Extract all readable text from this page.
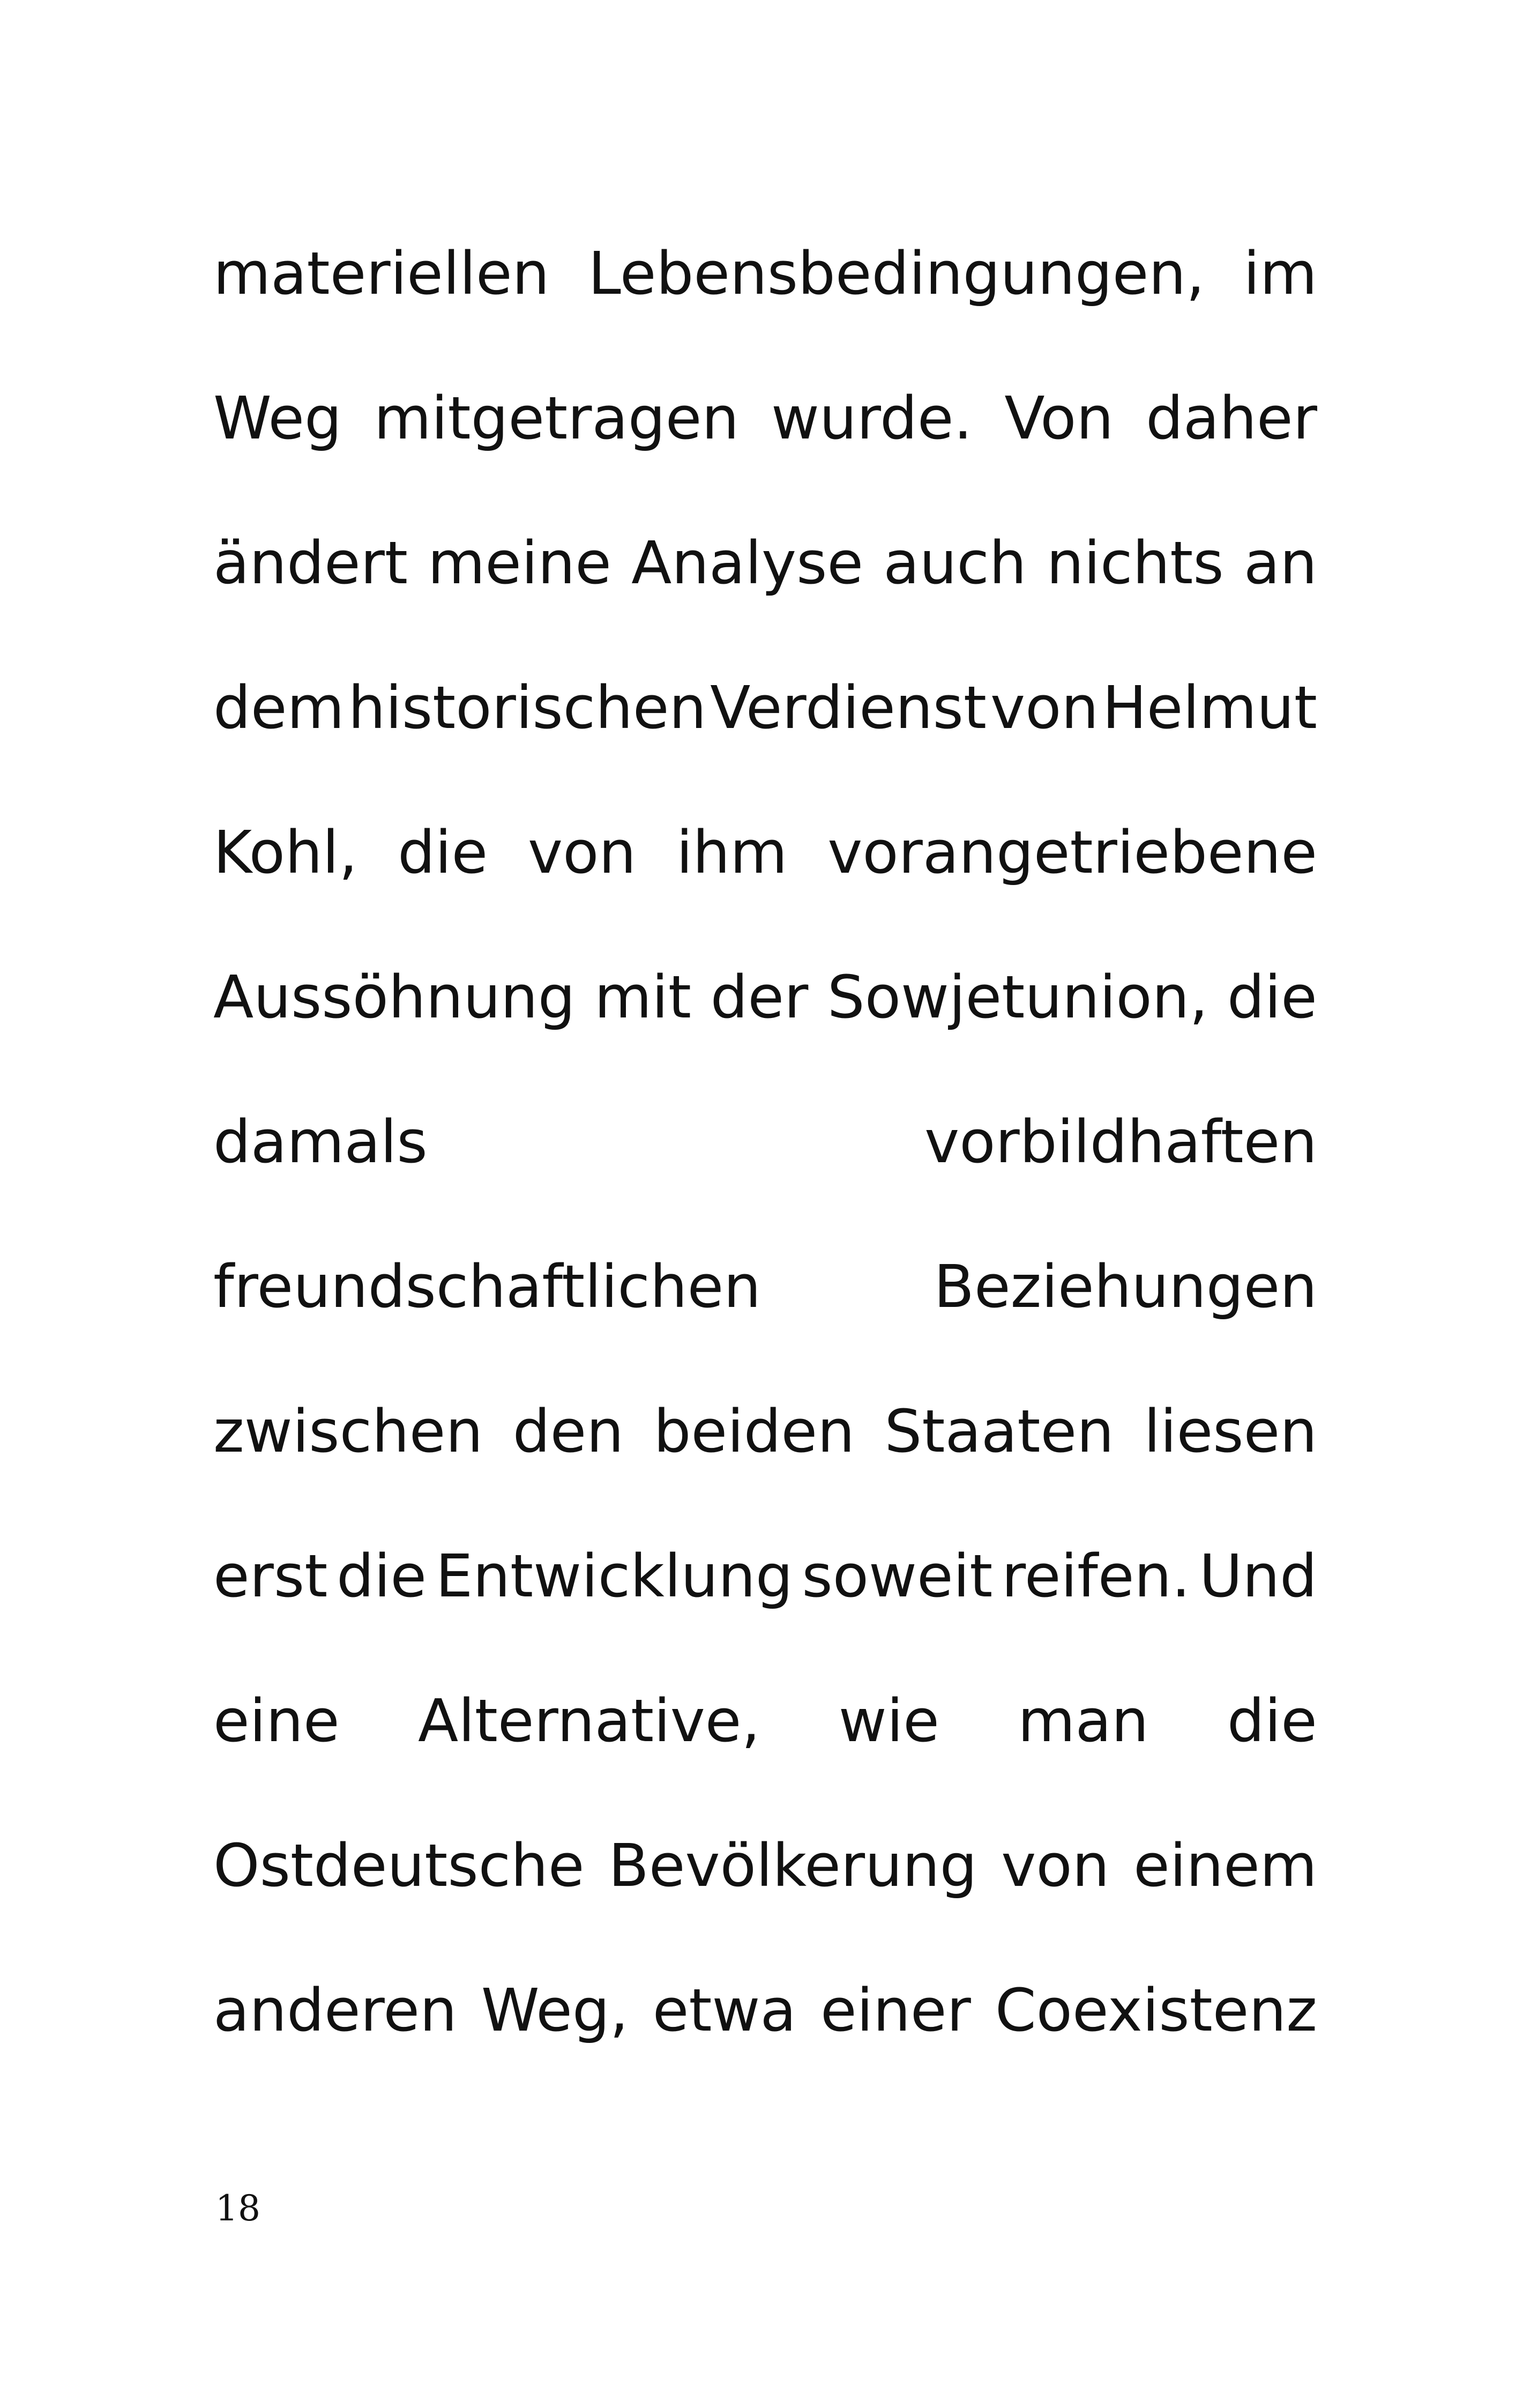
materiellen Lebensbedingungen, im
Weg mitgetragen wurde. Von daher
ändert meine Analyse auch nichts an
dem historischen Verdienst von Helmut
Kohl, die von ihm vorangetriebene
Aussöhnung mit der Sowjetunion, die
damals	vorbildhaften
freundschaftlichen	Beziehungen
zwischen den beiden Staaten liesen
erst die Entwicklung soweit reifen. Und
eine Alternative, wie man die
Ostdeutsche Bevölkerung von einem
anderen Weg, etwa einer Coexistenz
18
